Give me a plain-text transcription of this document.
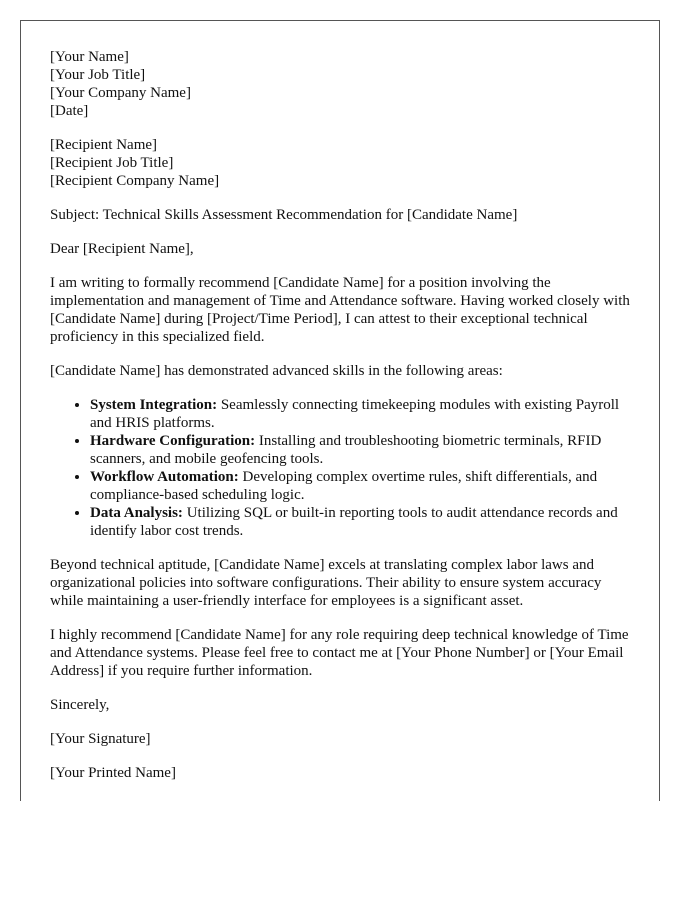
[Your Name]
[Your Job Title]
[Your Company Name]
[Date]
[Recipient Name]
[Recipient Job Title]
[Recipient Company Name]

Subject: Technical Skills Assessment Recommendation for [Candidate Name]

Dear [Recipient Name],

I am writing to formally recommend [Candidate Name] for a position involving the implementation and management of Time and Attendance software. Having worked closely with [Candidate Name] during [Project/Time Period], I can attest to their exceptional technical proficiency in this specialized field.

[Candidate Name] has demonstrated advanced skills in the following areas:

• System Integration: Seamlessly connecting timekeeping modules with existing Payroll and HRIS platforms.
• Hardware Configuration: Installing and troubleshooting biometric terminals, RFID scanners, and mobile geofencing tools.
• Workflow Automation: Developing complex overtime rules, shift differentials, and compliance-based scheduling logic.
• Data Analysis: Utilizing SQL or built-in reporting tools to audit attendance records and identify labor cost trends.

Beyond technical aptitude, [Candidate Name] excels at translating complex labor laws and organizational policies into software configurations. Their ability to ensure system accuracy while maintaining a user-friendly interface for employees is a significant asset.

I highly recommend [Candidate Name] for any role requiring deep technical knowledge of Time and Attendance systems. Please feel free to contact me at [Your Phone Number] or [Your Email Address] if you require further information.

Sincerely,

[Your Signature]

[Your Printed Name]
